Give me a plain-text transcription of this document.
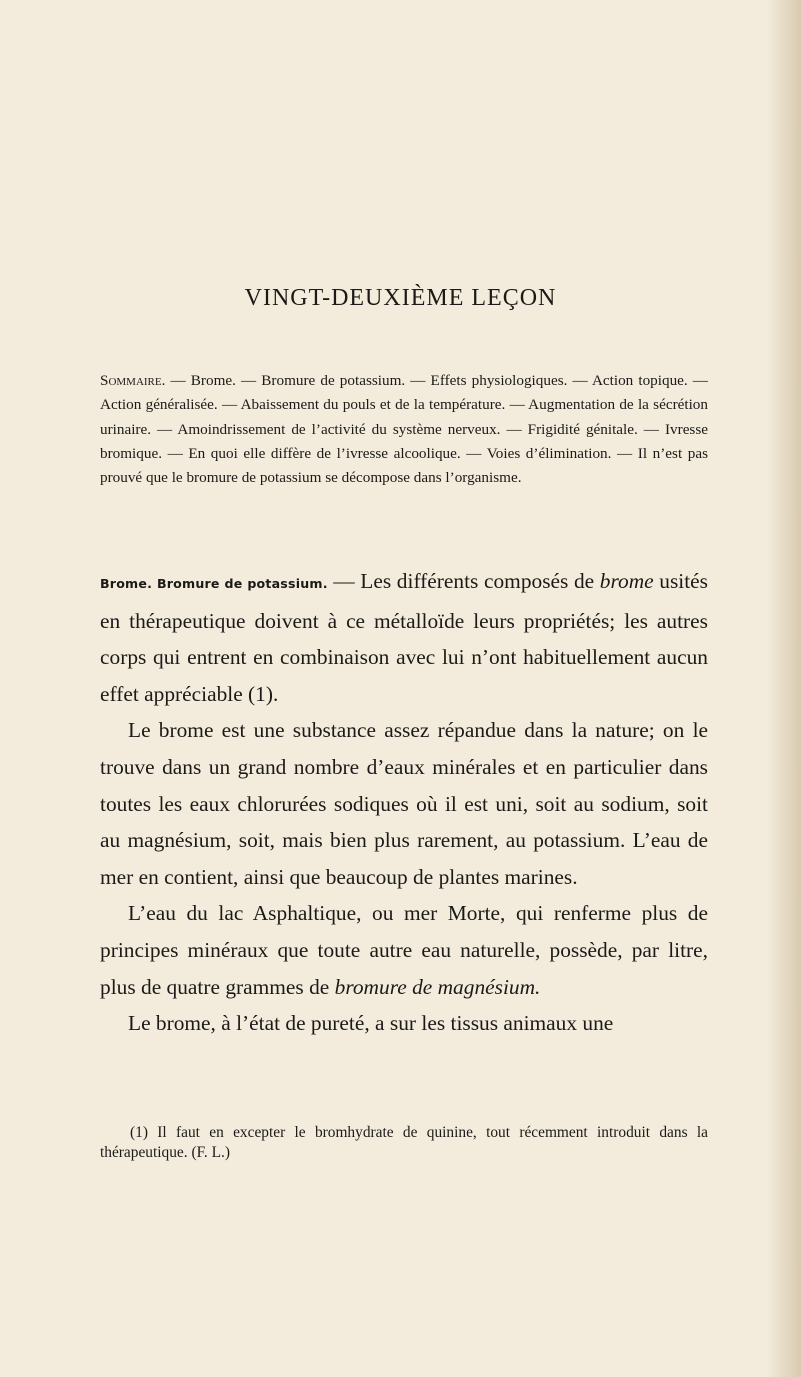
VINGT-DEUXIÈME LEÇON

Sommaire. — Brome. — Bromure de potassium. — Effets physiologiques. — Action topique. — Action généralisée. — Abaissement du pouls et de la température. — Augmentation de la sécrétion urinaire. — Amoindrissement de l’activité du système nerveux. — Frigidité génitale. — Ivresse bromique. — En quoi elle diffère de l’ivresse alcoolique. — Voies d’élimination. — Il n’est pas prouvé que le bromure de potassium se décompose dans l’organisme.

Brome. Bromure de potassium. — Les différents composés de brome usités en thérapeutique doivent à ce métalloïde leurs propriétés; les autres corps qui entrent en combinaison avec lui n’ont habituellement aucun effet appréciable (1).

Le brome est une substance assez répandue dans la nature; on le trouve dans un grand nombre d’eaux minérales et en particulier dans toutes les eaux chlorurées sodiques où il est uni, soit au sodium, soit au magnésium, soit, mais bien plus rarement, au potassium. L’eau de mer en contient, ainsi que beaucoup de plantes marines.

L’eau du lac Asphaltique, ou mer Morte, qui renferme plus de principes minéraux que toute autre eau naturelle, possède, par litre, plus de quatre grammes de bromure de magnésium.

Le brome, à l’état de pureté, a sur les tissus animaux une

(1) Il faut en excepter le bromhydrate de quinine, tout récemment introduit dans la thérapeutique. (F. L.)
